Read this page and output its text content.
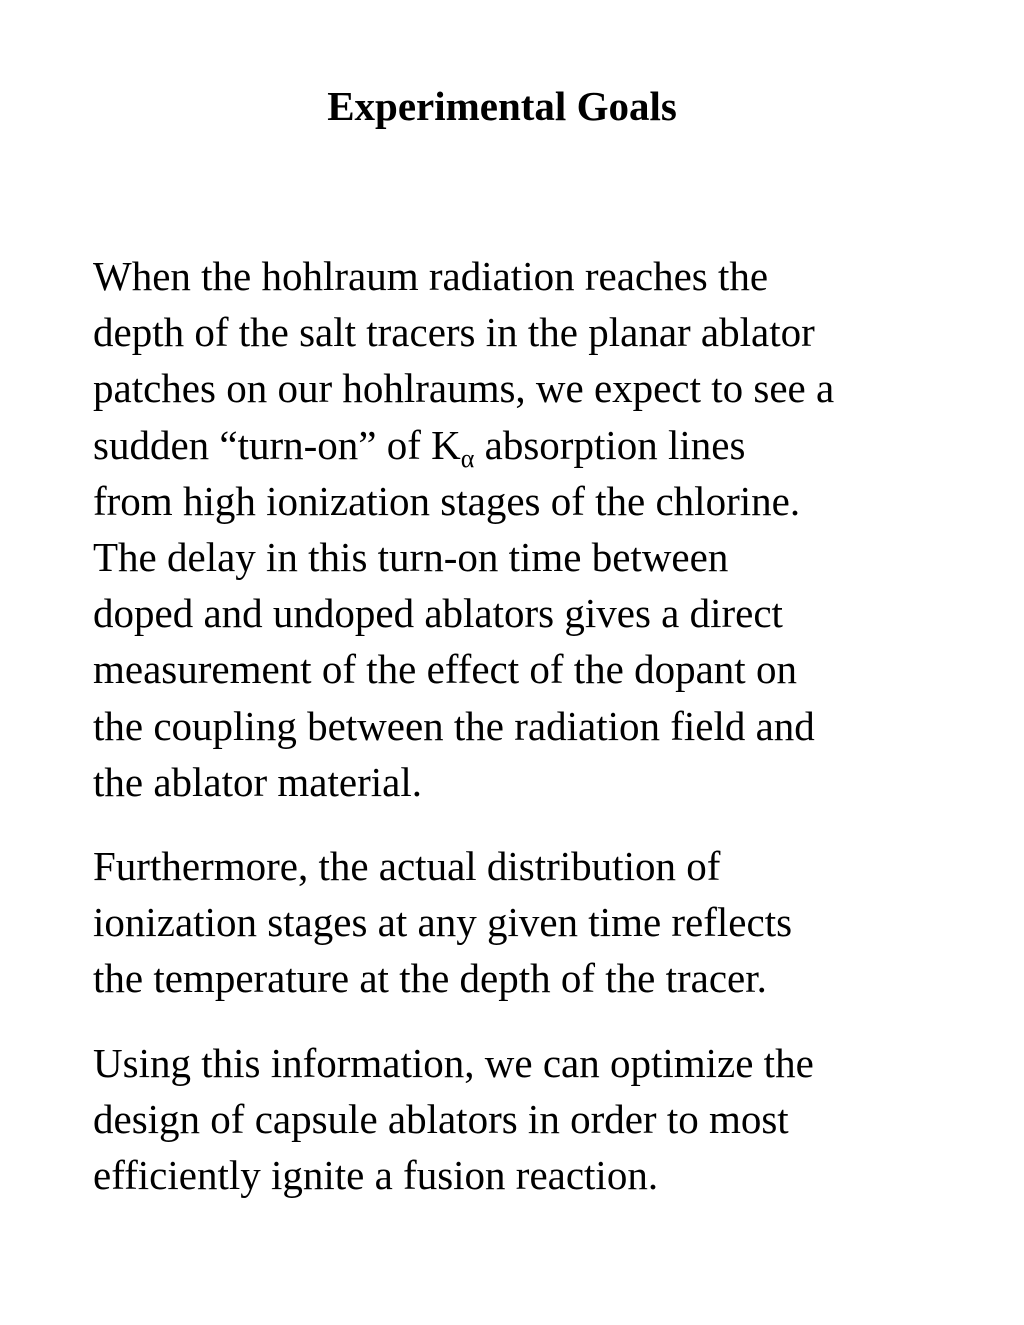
Experimental Goals

When the hohlraum radiation reaches the
depth of the salt tracers in the planar ablator
patches on our hohlraums, we expect to see a
sudden “turn-on” of Kα absorption lines
from high ionization stages of the chlorine.
The delay in this turn-on time between
doped and undoped ablators gives a direct
measurement of the effect of the dopant on
the coupling between the radiation field and
the ablator material.

Furthermore, the actual distribution of
ionization stages at any given time reflects
the temperature at the depth of the tracer.

Using this information, we can optimize the
design of capsule ablators in order to most
efficiently ignite a fusion reaction.
